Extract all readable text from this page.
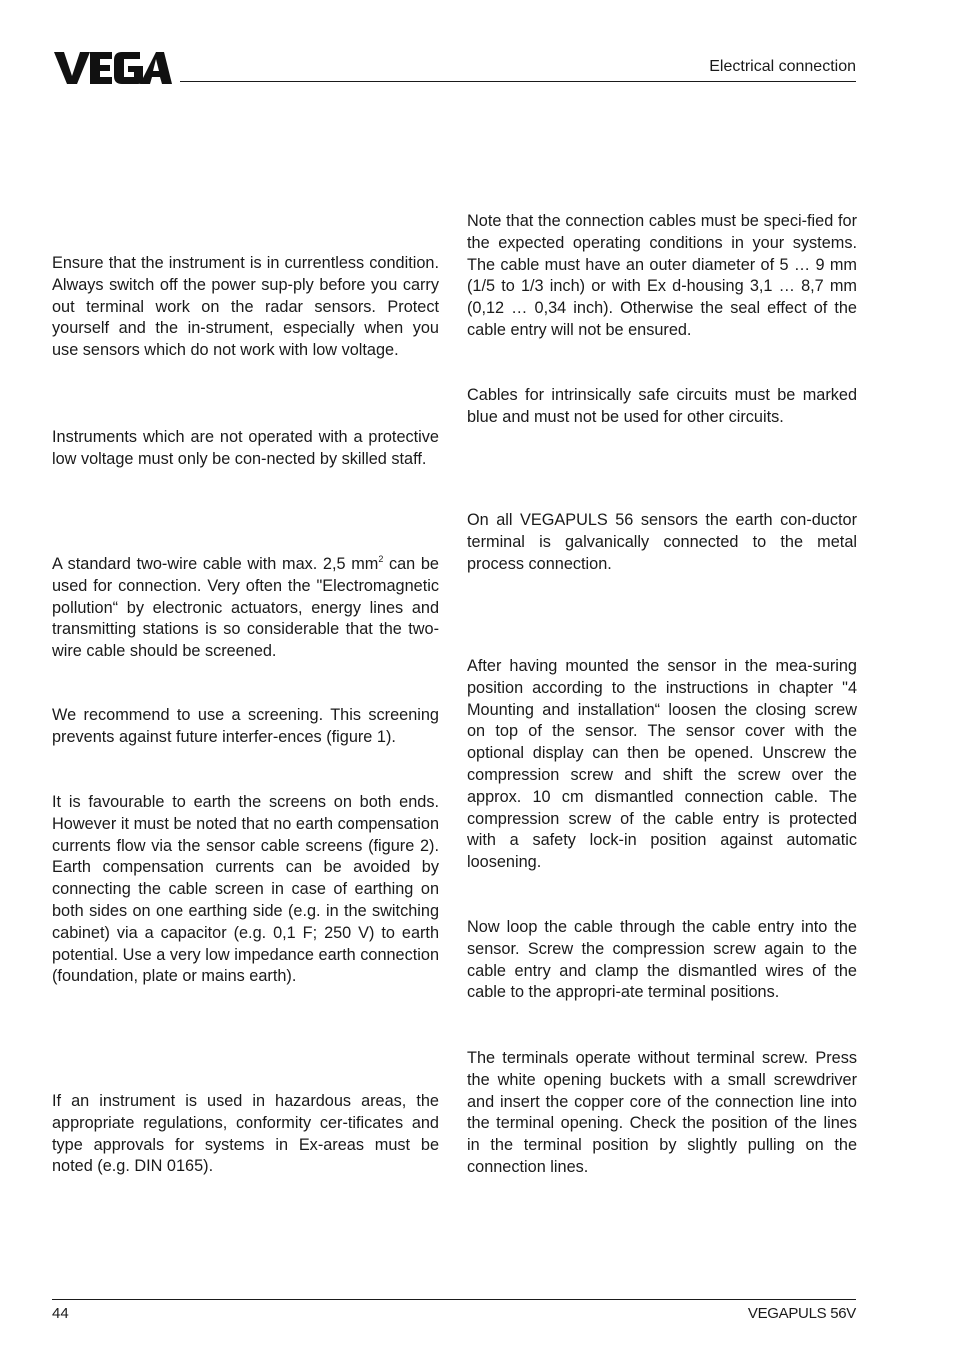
Electrical connection

Ensure that the instrument is in currentless condition. Always switch off the power sup-ply before you carry out terminal work on the radar sensors. Protect yourself and the in-strument, especially when you use sensors which do not work with low voltage.

Instruments which are not operated with a protective low voltage must only be con-nected by skilled staff.

A standard two-wire cable with max. 2,5 $mm^2$ can be used for connection. Very often the "Electromagnetic pollution“ by electronic actuators, energy lines and transmitting stations is so considerable that the two-wire cable should be screened.

We recommend to use a screening. This screening prevents against future interfer-ences (figure 1).

It is favourable to earth the screens on both ends. However it must be noted that no earth compensation currents flow via the sensor cable screens (figure 2). Earth compensation currents can be avoided by connecting the cable screen in case of earthing on both sides on one earthing side (e.g. in the switching cabinet) via a capacitor (e.g. 0,1 F; 250 V) to earth potential. Use a very low impedance earth connection (foundation, plate or mains earth).

If an instrument is used in hazardous areas, the appropriate regulations, conformity cer-tificates and type approvals for systems in Ex-areas must be noted (e.g. DIN 0165).

Note that the connection cables must be speci-fied for the expected operating conditions in your systems. The cable must have an outer diameter of 5 … 9 mm (1/5 to 1/3 inch) or with Ex d-housing 3,1 … 8,7 mm (0,12 … 0,34 inch). Otherwise the seal effect of the cable entry will not be ensured.

Cables for intrinsically safe circuits must be marked blue and must not be used for other circuits.

On all VEGAPULS 56 sensors the earth con-ductor terminal is galvanically connected to the metal process connection.

After having mounted the sensor in the mea-suring position according to the instructions in chapter "4 Mounting and installation“ loosen the closing screw on top of the sensor. The sensor cover with the optional display can then be opened. Unscrew the compression screw and shift the screw over the approx. 10 cm dismantled connection cable. The compression screw of the cable entry is protected with a safety lock-in position against automatic loosening.

Now loop the cable through the cable entry into the sensor. Screw the compression screw again to the cable entry and clamp the dismantled wires of the cable to the appropri-ate terminal positions.

The terminals operate without terminal screw. Press the white opening buckets with a small screwdriver and insert the copper core of the connection line into the terminal opening. Check the position of the lines in the terminal position by slightly pulling on the connection lines.

44	VEGAPULS 56V
